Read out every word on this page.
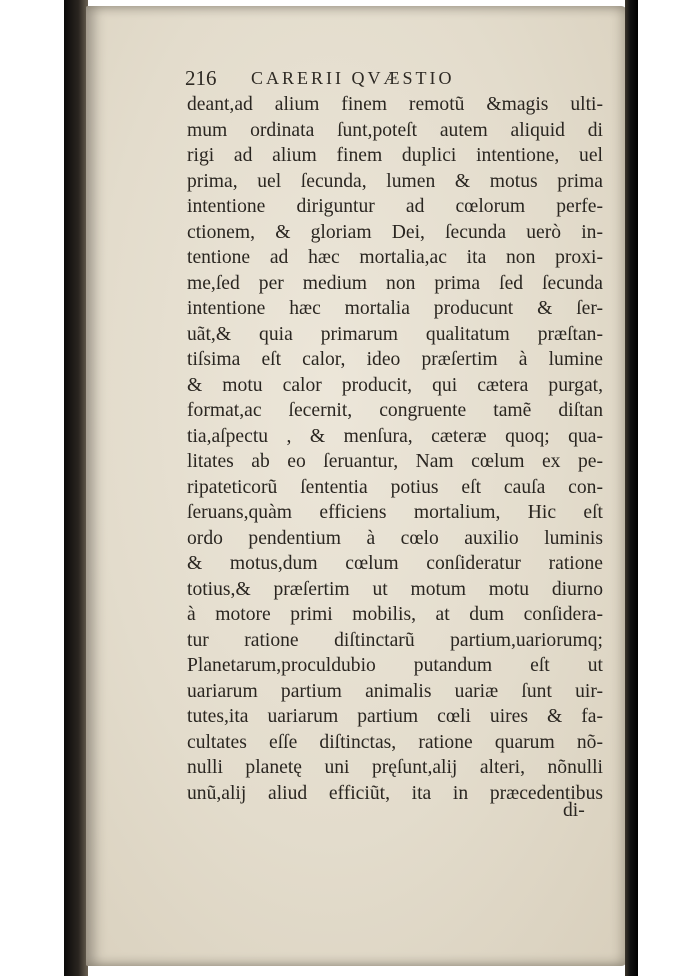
216 CARERII QVÆSTIO
deant,ad alium finem remotũ &magis ulti-
mum ordinata ſunt,poteſt autem aliquid di
rigi ad alium finem duplici intentione, uel
prima, uel ſecunda, lumen & motus prima
intentione diriguntur ad cœlorum perfe-
ctionem, & gloriam Dei, ſecunda uerò in-
tentione ad hæc mortalia,ac ita non proxi-
me,ſed per medium non prima ſed ſecunda
intentione hæc mortalia producunt & ſer-
uãt,& quia primarum qualitatum præſtan-
tiſsima eſt calor, ideo præſertim à lumine
& motu calor producit, qui cætera purgat,
format,ac ſecernit, congruente tamẽ diſtan
tia,aſpectu , & menſura, cæteræ quoq; qua-
litates ab eo ſeruantur, Nam cœlum ex pe-
ripateticorũ ſententia potius eſt cauſa con-
ſeruans,quàm efficiens mortalium, Hic eſt
ordo pendentium à cœlo auxilio luminis
& motus,dum cœlum conſideratur ratione
totius,& præſertim ut motum motu diurno
à motore primi mobilis, at dum conſidera-
tur ratione diſtinctarũ partium,uariorumq;
Planetarum,proculdubio putandum eſt ut
uariarum partium animalis uariæ ſunt uir-
tutes,ita uariarum partium cœli uires & fa-
cultates eſſe diſtinctas, ratione quarum nõ-
nulli planetę uni pręſunt,alij alteri, nõnulli
unũ,alij aliud efficiũt, ita in præcedentibus
di-
